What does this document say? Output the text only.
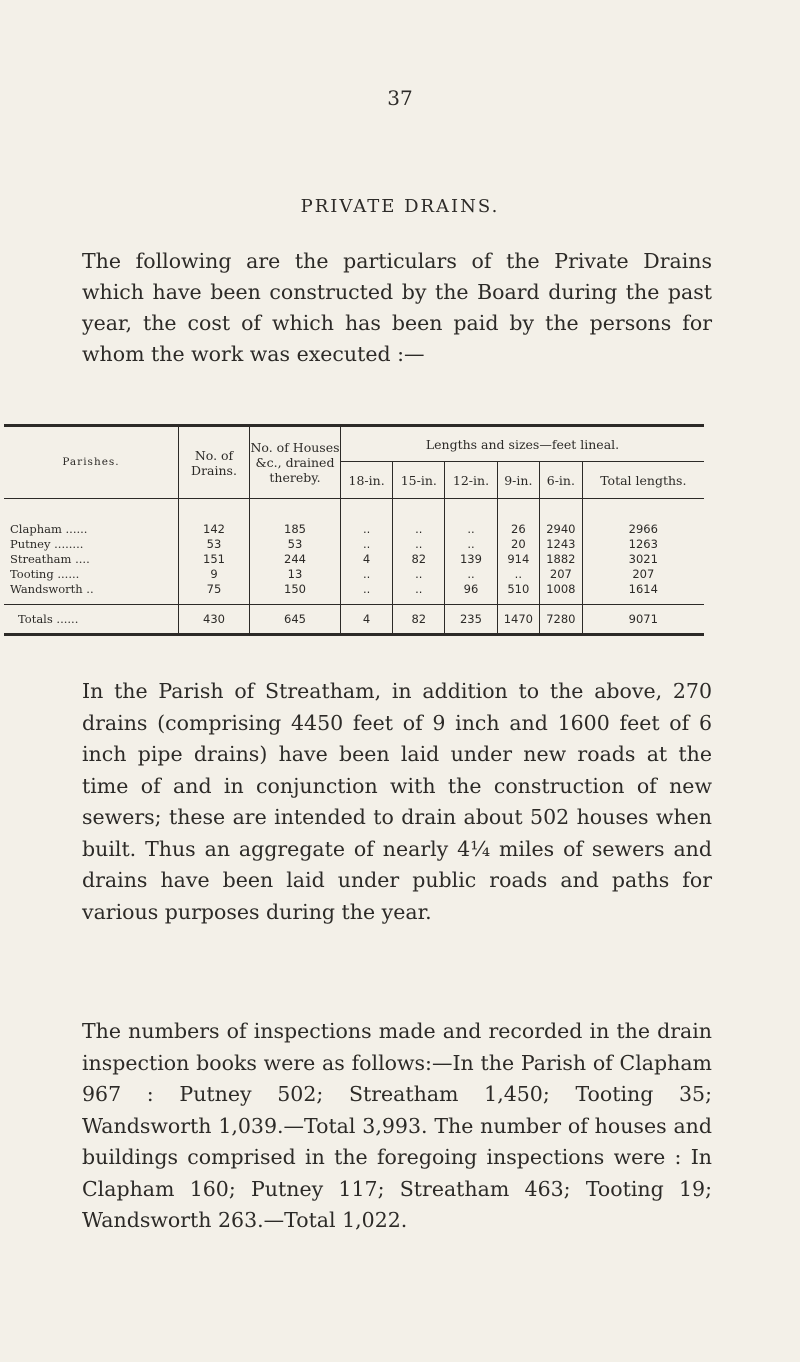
37
PRIVATE DRAINS.

The following are the particulars of the Private Drains which have been constructed by the Board during the past year, the cost of which has been paid by the persons for whom the work was executed :—

Parishes.	No. of Drains.	No. of Houses &c., drained thereby.	Lengths and sizes—feet lineal.					
			18-in.	15-in.	12-in.	9-in.	6-in.	Total lengths.

Clapham ......	142	185	..	..	..	26	2940	2966
Putney ........	53	53	..	..	..	20	1243	1263
Streatham ....	151	244	4	82	139	914	1882	3021
Tooting ......	9	13	..	..	..	..	207	207
Wandsworth ..	75	150	..	..	96	510	1008	1614
Totals ......	430	645	4	82	235	1470	7280	9071

In the Parish of Streatham, in addition to the above, 270 drains (comprising 4450 feet of 9 inch and 1600 feet of 6 inch pipe drains) have been laid under new roads at the time of and in conjunction with the construction of new sewers; these are intended to drain about 502 houses when built. Thus an aggregate of nearly 4¼ miles of sewers and drains have been laid under public roads and paths for various purposes during the year.

The numbers of inspections made and recorded in the drain inspection books were as follows:—In the Parish of Clapham 967 : Putney 502; Streatham 1,450; Tooting 35; Wandsworth 1,039.—Total 3,993. The number of houses and buildings comprised in the foregoing inspections were : In Clapham 160; Putney 117; Streatham 463; Tooting 19; Wandsworth 263.—Total 1,022.
